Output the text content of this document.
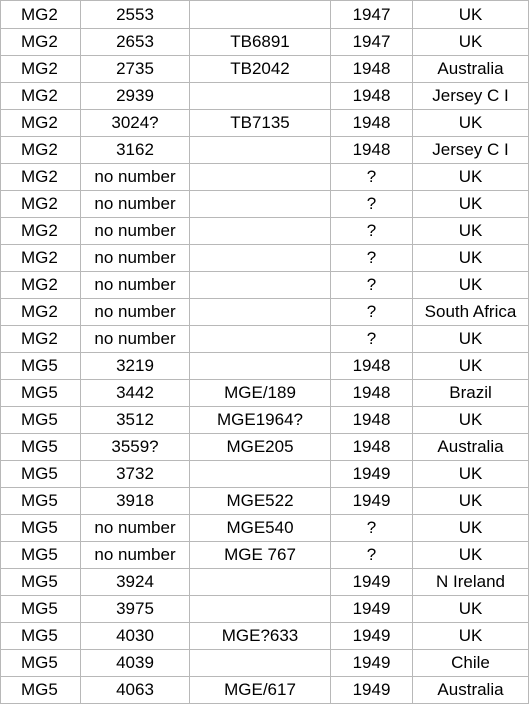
MG2	2553		1947	UK
MG2	2653	TB6891	1947	UK
MG2	2735	TB2042	1948	Australia
MG2	2939		1948	Jersey C I
MG2	3024?	TB7135	1948	UK
MG2	3162		1948	Jersey C I
MG2	no number		?	UK
MG2	no number		?	UK
MG2	no number		?	UK
MG2	no number		?	UK
MG2	no number		?	UK
MG2	no number		?	South Africa
MG2	no number		?	UK
MG5	3219		1948	UK
MG5	3442	MGE/189	1948	Brazil
MG5	3512	MGE1964?	1948	UK
MG5	3559?	MGE205	1948	Australia
MG5	3732		1949	UK
MG5	3918	MGE522	1949	UK
MG5	no number	MGE540	?	UK
MG5	no number	MGE 767	?	UK
MG5	3924		1949	N Ireland
MG5	3975		1949	UK
MG5	4030	MGE?633	1949	UK
MG5	4039		1949	Chile
MG5	4063	MGE/617	1949	Australia
